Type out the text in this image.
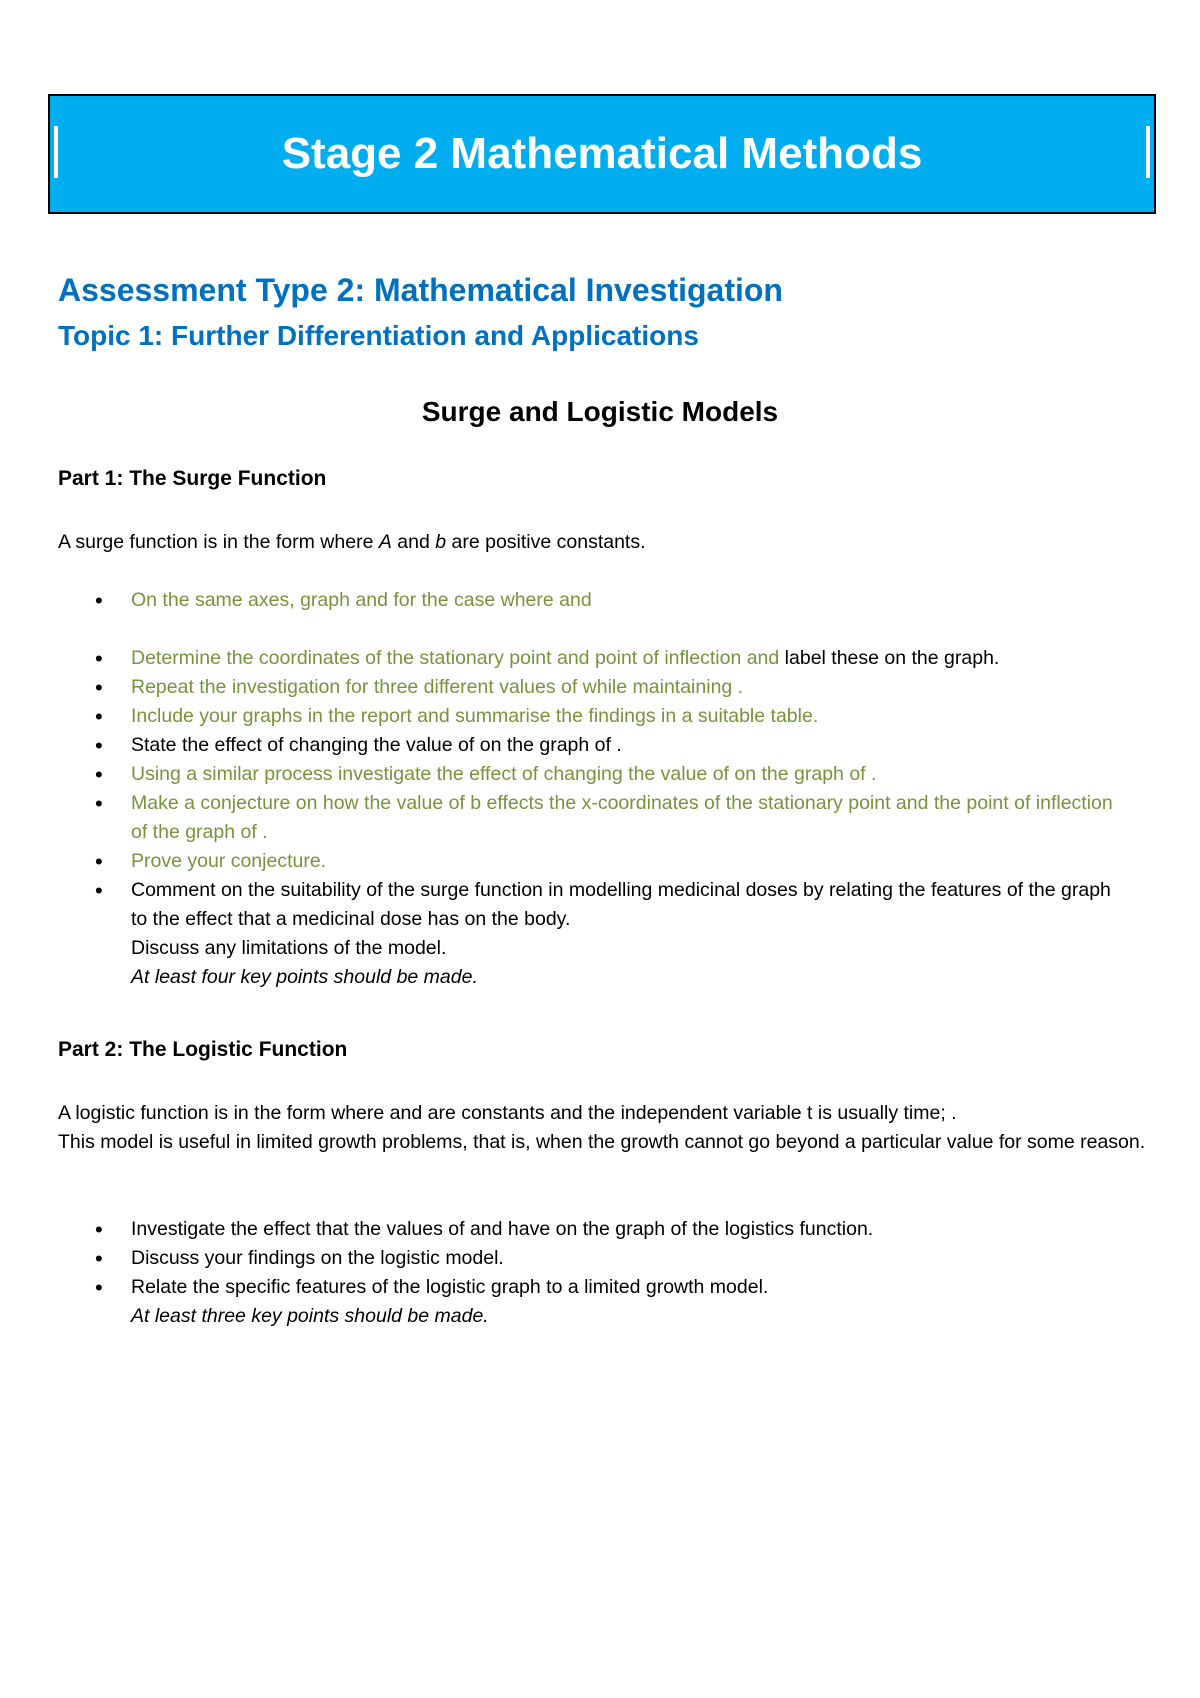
Stage 2 Mathematical Methods
Assessment Type 2: Mathematical Investigation
Topic 1: Further Differentiation and Applications
Surge and Logistic Models
Part 1: The Surge Function

A surge function is in the form where A and b are positive constants.

• On the same axes, graph and for the case where and
• Determine the coordinates of the stationary point and point of inflection and label these on the graph.
• Repeat the investigation for three different values of while maintaining .
• Include your graphs in the report and summarise the findings in a suitable table.
• State the effect of changing the value of on the graph of .
• Using a similar process investigate the effect of changing the value of on the graph of .
• Make a conjecture on how the value of b effects the x-coordinates of the stationary point and the point of inflection of the graph of .
• Prove your conjecture.
• Comment on the suitability of the surge function in modelling medicinal doses by relating the features of the graph to the effect that a medicinal dose has on the body.
Discuss any limitations of the model.
At least four key points should be made.
Part 2: The Logistic Function

A logistic function is in the form where and are constants and the independent variable t is usually time; .
This model is useful in limited growth problems, that is, when the growth cannot go beyond a particular value for some reason.

• Investigate the effect that the values of and have on the graph of the logistics function.
• Discuss your findings on the logistic model.
• Relate the specific features of the logistic graph to a limited growth model.
At least three key points should be made.
